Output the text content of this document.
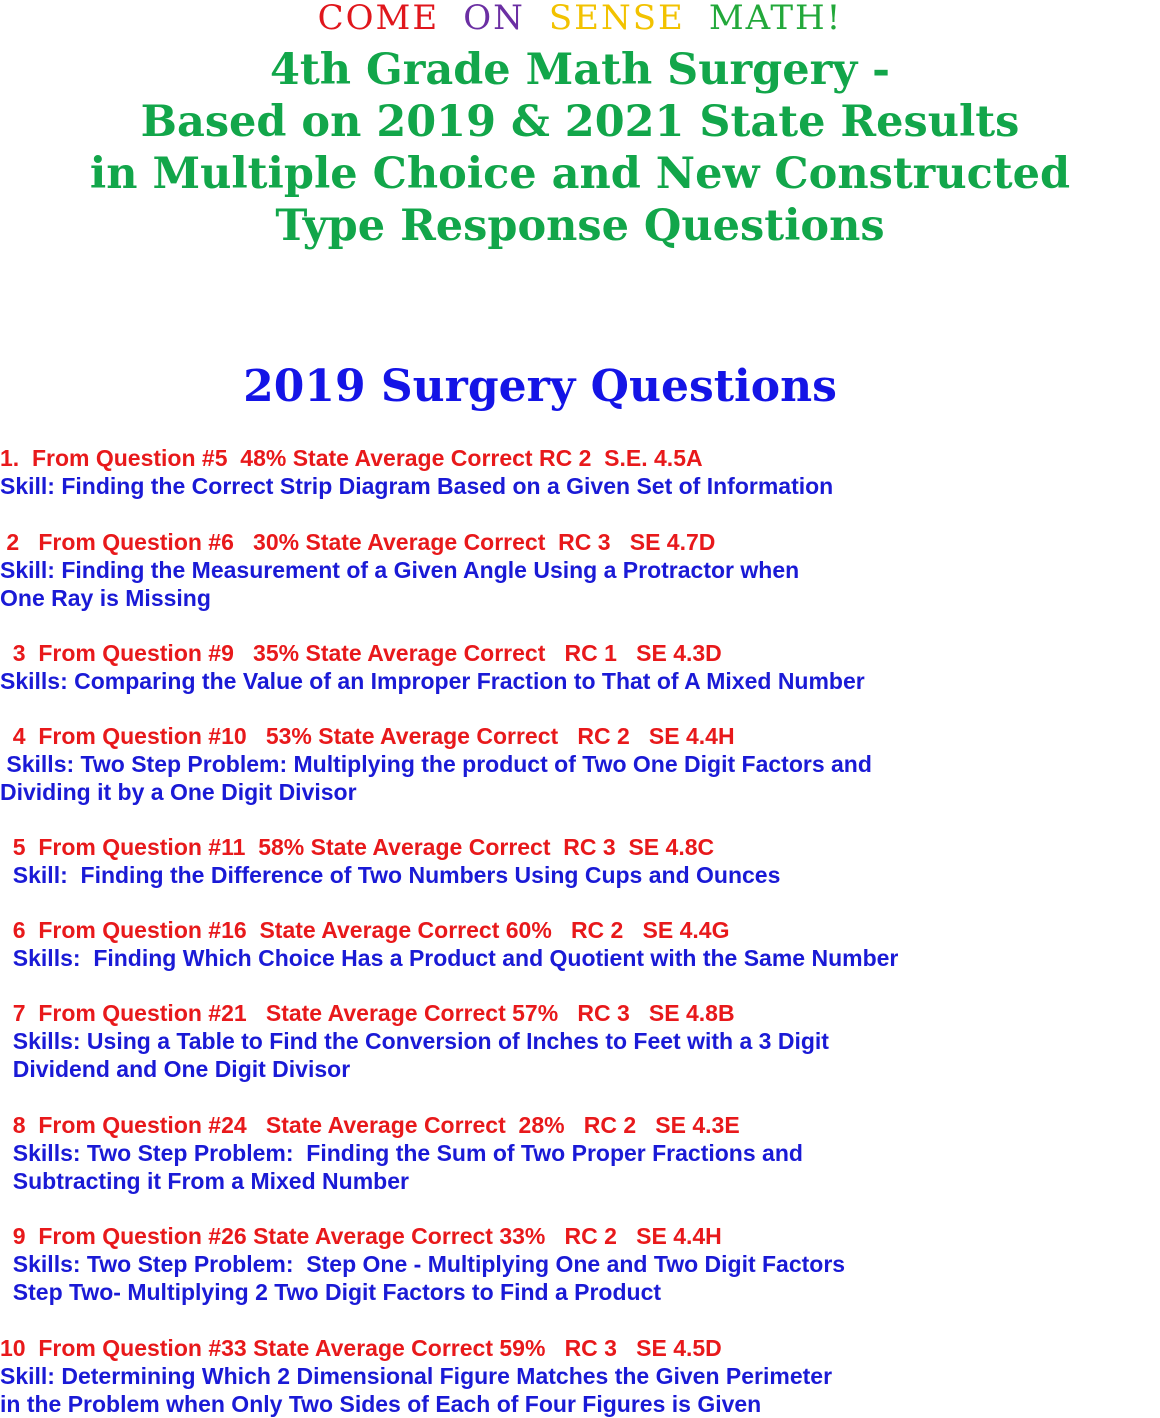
COME ON SENSE MATH!
4th Grade Math Surgery -
Based on 2019 & 2021 State Results
in Multiple Choice and New Constructed
Type Response Questions
2019 Surgery Questions
1.  From Question #5  48% State Average Correct RC 2  S.E. 4.5A
Skill: Finding the Correct Strip Diagram Based on a Given Set of Information
2   From Question #6   30% State Average Correct  RC 3   SE 4.7D
Skill: Finding the Measurement of a Given Angle Using a Protractor when
One Ray is Missing
3  From Question #9   35% State Average Correct   RC 1   SE 4.3D
Skills: Comparing the Value of an Improper Fraction to That of A Mixed Number
4  From Question #10   53% State Average Correct   RC 2   SE 4.4H
Skills: Two Step Problem: Multiplying the product of Two One Digit Factors and
Dividing it by a One Digit Divisor
5  From Question #11  58% State Average Correct  RC 3  SE 4.8C
Skill:  Finding the Difference of Two Numbers Using Cups and Ounces
6  From Question #16  State Average Correct 60%   RC 2   SE 4.4G
Skills:  Finding Which Choice Has a Product and Quotient with the Same Number
7  From Question #21   State Average Correct 57%   RC 3   SE 4.8B
Skills: Using a Table to Find the Conversion of Inches to Feet with a 3 Digit
Dividend and One Digit Divisor
8  From Question #24   State Average Correct  28%   RC 2   SE 4.3E
Skills: Two Step Problem:  Finding the Sum of Two Proper Fractions and
Subtracting it From a Mixed Number
9  From Question #26 State Average Correct 33%   RC 2   SE 4.4H
Skills: Two Step Problem:  Step One - Multiplying One and Two Digit Factors
Step Two- Multiplying 2 Two Digit Factors to Find a Product
10  From Question #33 State Average Correct 59%   RC 3   SE 4.5D
Skill: Determining Which 2 Dimensional Figure Matches the Given Perimeter
in the Problem when Only Two Sides of Each of Four Figures is Given
